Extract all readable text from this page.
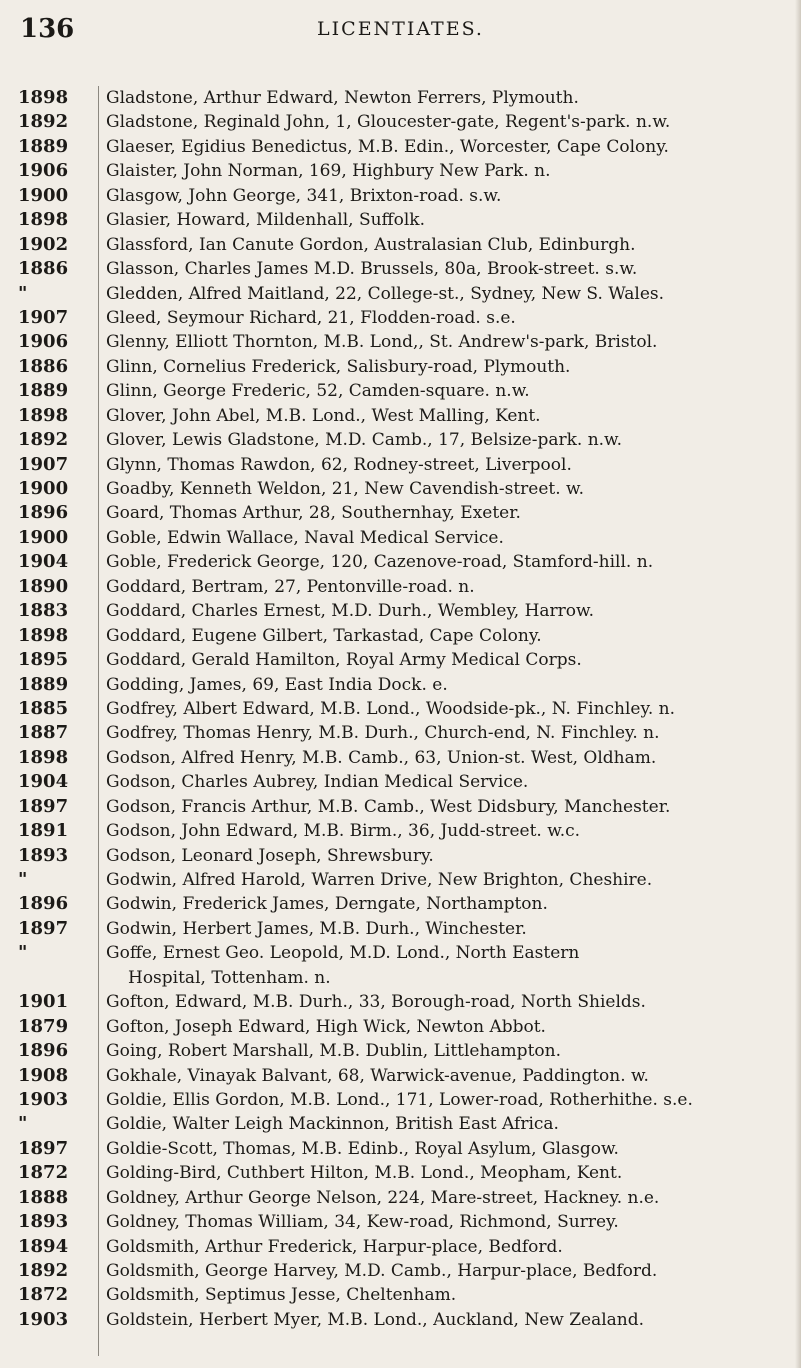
136	LICENTIATES.
1898	Gladstone, Arthur Edward, Newton Ferrers, Plymouth.
1892	Gladstone, Reginald John, 1, Gloucester-gate, Regent's-park. n.w.
1889	Glaeser, Egidius Benedictus, M.B. Edin., Worcester, Cape Colony.
1906	Glaister, John Norman, 169, Highbury New Park. n.
1900	Glasgow, John George, 341, Brixton-road. s.w.
1898	Glasier, Howard, Mildenhall, Suffolk.
1902	Glassford, Ian Canute Gordon, Australasian Club, Edinburgh.
1886	Glasson, Charles James M.D. Brussels, 80a, Brook-street. s.w.
"	Gledden, Alfred Maitland, 22, College-st., Sydney, New S. Wales.
1907	Gleed, Seymour Richard, 21, Flodden-road. s.e.
1906	Glenny, Elliott Thornton, M.B. Lond,, St. Andrew's-park, Bristol.
1886	Glinn, Cornelius Frederick, Salisbury-road, Plymouth.
1889	Glinn, George Frederic, 52, Camden-square. n.w.
1898	Glover, John Abel, M.B. Lond., West Malling, Kent.
1892	Glover, Lewis Gladstone, M.D. Camb., 17, Belsize-park. n.w.
1907	Glynn, Thomas Rawdon, 62, Rodney-street, Liverpool.
1900	Goadby, Kenneth Weldon, 21, New Cavendish-street. w.
1896	Goard, Thomas Arthur, 28, Southernhay, Exeter.
1900	Goble, Edwin Wallace, Naval Medical Service.
1904	Goble, Frederick George, 120, Cazenove-road, Stamford-hill. n.
1890	Goddard, Bertram, 27, Pentonville-road. n.
1883	Goddard, Charles Ernest, M.D. Durh., Wembley, Harrow.
1898	Goddard, Eugene Gilbert, Tarkastad, Cape Colony.
1895	Goddard, Gerald Hamilton, Royal Army Medical Corps.
1889	Godding, James, 69, East India Dock. e.
1885	Godfrey, Albert Edward, M.B. Lond., Woodside-pk., N. Finchley. n.
1887	Godfrey, Thomas Henry, M.B. Durh., Church-end, N. Finchley. n.
1898	Godson, Alfred Henry, M.B. Camb., 63, Union-st. West, Oldham.
1904	Godson, Charles Aubrey, Indian Medical Service.
1897	Godson, Francis Arthur, M.B. Camb., West Didsbury, Manchester.
1891	Godson, John Edward, M.B. Birm., 36, Judd-street. w.c.
1893	Godson, Leonard Joseph, Shrewsbury.
"	Godwin, Alfred Harold, Warren Drive, New Brighton, Cheshire.
1896	Godwin, Frederick James, Derngate, Northampton.
1897	Godwin, Herbert James, M.B. Durh., Winchester.
"	Goffe, Ernest Geo. Leopold, M.D. Lond., North Eastern
Hospital, Tottenham. n.
1901	Gofton, Edward, M.B. Durh., 33, Borough-road, North Shields.
1879	Gofton, Joseph Edward, High Wick, Newton Abbot.
1896	Going, Robert Marshall, M.B. Dublin, Littlehampton.
1908	Gokhale, Vinayak Balvant, 68, Warwick-avenue, Paddington. w.
1903	Goldie, Ellis Gordon, M.B. Lond., 171, Lower-road, Rotherhithe. s.e.
"	Goldie, Walter Leigh Mackinnon, British East Africa.
1897	Goldie-Scott, Thomas, M.B. Edinb., Royal Asylum, Glasgow.
1872	Golding-Bird, Cuthbert Hilton, M.B. Lond., Meopham, Kent.
1888	Goldney, Arthur George Nelson, 224, Mare-street, Hackney. n.e.
1893	Goldney, Thomas William, 34, Kew-road, Richmond, Surrey.
1894	Goldsmith, Arthur Frederick, Harpur-place, Bedford.
1892	Goldsmith, George Harvey, M.D. Camb., Harpur-place, Bedford.
1872	Goldsmith, Septimus Jesse, Cheltenham.
1903	Goldstein, Herbert Myer, M.B. Lond., Auckland, New Zealand.
